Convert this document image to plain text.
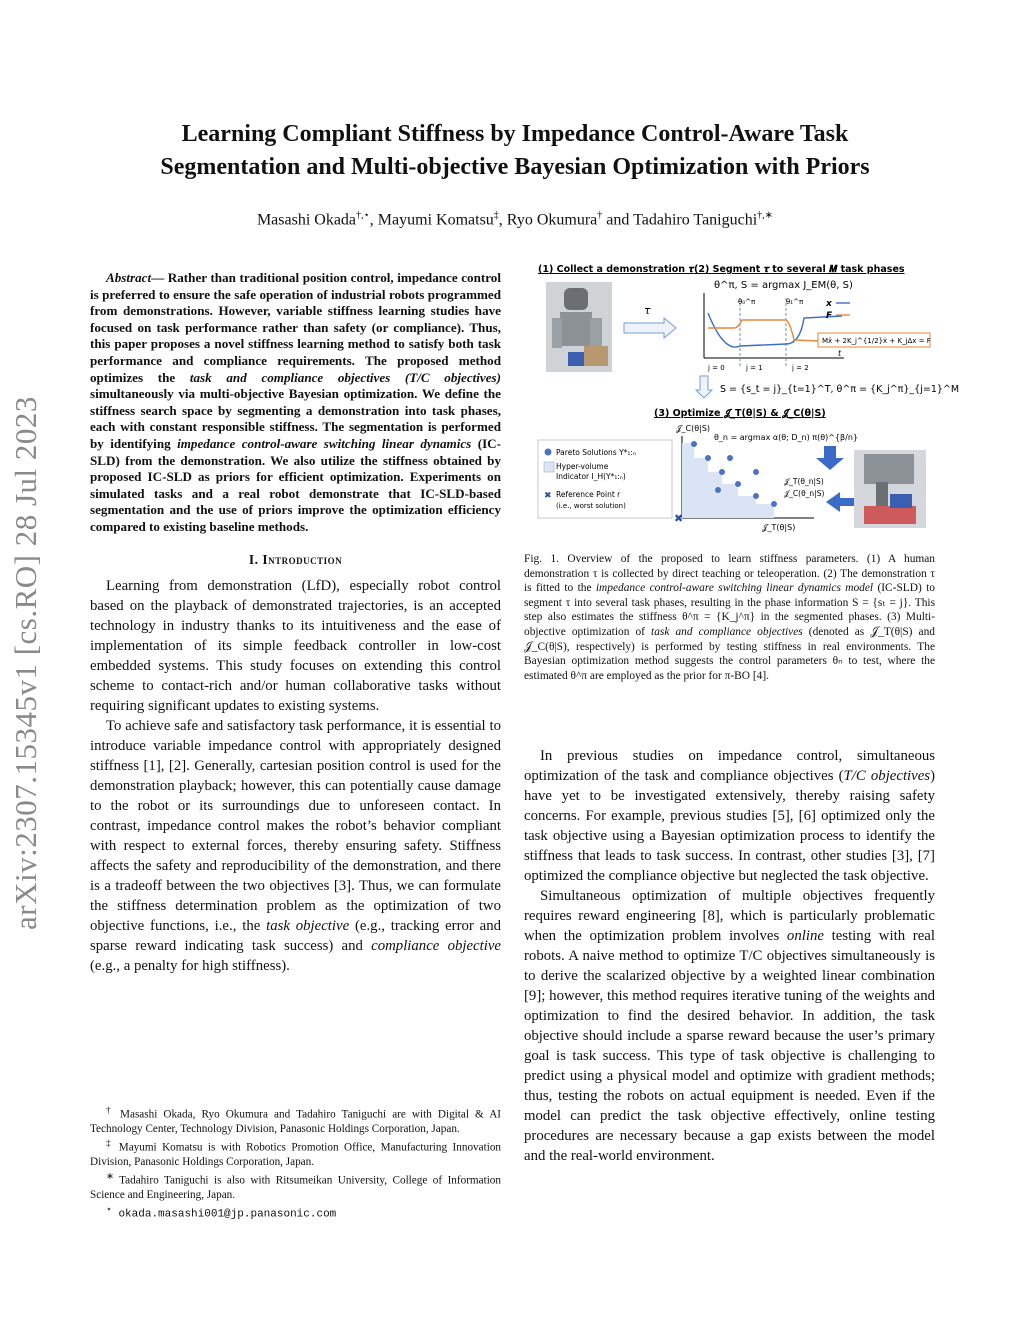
arXiv:2307.15345v1 [cs.RO] 28 Jul 2023
Learning Compliant Stiffness by Impedance Control-Aware Task
Segmentation and Multi-objective Bayesian Optimization with Priors
Masashi Okada†,⋆, Mayumi Komatsu‡, Ryo Okumura† and Tadahiro Taniguchi†,∗

Abstract— Rather than traditional position control, impedance control is preferred to ensure the safe operation of industrial robots programmed from demonstrations. However, variable stiffness learning studies have focused on task performance rather than safety (or compliance). Thus, this paper proposes a novel stiffness learning method to satisfy both task performance and compliance requirements. The proposed method optimizes the task and compliance objectives (T/C objectives) simultaneously via multi-objective Bayesian optimization. We define the stiffness search space by segmenting a demonstration into task phases, each with constant responsible stiffness. The segmentation is performed by identifying impedance control-aware switching linear dynamics (IC-SLD) from the demonstration. We also utilize the stiffness obtained by proposed IC-SLD as priors for efficient optimization. Experiments on simulated tasks and a real robot demonstrate that IC-SLD-based segmentation and the use of priors improve the optimization efficiency compared to existing baseline methods.

I. Introduction

Learning from demonstration (LfD), especially robot control based on the playback of demonstrated trajectories, is an accepted technology in industry thanks to its intuitiveness and the ease of implementation of its simple feedback controller in low-cost embedded systems. This study focuses on extending this control scheme to contact-rich and/or human collaborative tasks without requiring significant updates to existing systems.

To achieve safe and satisfactory task performance, it is essential to introduce variable impedance control with appropriately designed stiffness [1], [2]. Generally, cartesian position control is used for the demonstration playback; however, this can potentially cause damage to the robot or its surroundings due to unforeseen contact. In contrast, impedance control makes the robot’s behavior compliant with respect to external forces, thereby ensuring safety. Stiffness affects the safety and reproducibility of the demonstration, and there is a tradeoff between the two objectives [3]. Thus, we can formulate the stiffness determination problem as the optimization of two objective functions, i.e., the task objective (e.g., tracking error and sparse reward indicating task success) and compliance objective (e.g., a penalty for high stiffness).

† Masashi Okada, Ryo Okumura and Tadahiro Taniguchi are with Digital & AI Technology Center, Technology Division, Panasonic Holdings Corporation, Japan.

‡ Mayumi Komatsu is with Robotics Promotion Office, Manufacturing Innovation Division, Panasonic Holdings Corporation, Japan.

∗ Tadahiro Taniguchi is also with Ritsumeikan University, College of Information Science and Engineering, Japan.

⋆ okada.masashi001@jp.panasonic.com

(1) Collect a demonstration 𝝉 (2) Segment 𝝉 to several 𝑴 task phases
τ
θ^π, S = argmax J_EM(θ, S)
t
θ₀^π	θ₁^π	x
F
Mẍ + 2K_j^{1/2}ẋ + K_jΔx = F
j = 0	j = 1	j = 2
S = {s_t = j}_{t=1}^T, θ^π = {K_j^π}_{j=1}^M
(3) Optimize 𝓙_T(θ|S) & 𝓙_C(θ|S)
θ_n = argmax α(θ; D_n) π(θ)^{β/n}
Pareto Solutions Y*₁:ₙ
Hyper-volume
Indicator I_H(Y*₁:ₙ)
✖ Reference Point r
(i.e., worst solution)
𝒥_C(θ|S)
✖
𝒥_T(θ|S)
𝒥_T(θ_n|S)
𝒥_C(θ_n|S)

Fig. 1. Overview of the proposed to learn stiffness parameters. (1) A human demonstration τ is collected by direct teaching or teleoperation. (2) The demonstration τ is fitted to the impedance control-aware switching linear dynamics model (IC-SLD) to segment τ into several task phases, resulting in the phase information S = {sₜ = j}. This step also estimates the stiffness θ^π = {K_j^π} in the segmented phases. (3) Multi-objective optimization of task and compliance objectives (denoted as 𝒥_T(θ|S) and 𝒥_C(θ|S), respectively) is performed by testing stiffness in real environments. The Bayesian optimization method suggests the control parameters θₙ to test, where the estimated θ^π are employed as the prior for π-BO [4].

In previous studies on impedance control, simultaneous optimization of the task and compliance objectives (T/C objectives) have yet to be investigated extensively, thereby raising safety concerns. For example, previous studies [5], [6] optimized only the task objective using a Bayesian optimization process to identify the stiffness that leads to task success. In contrast, other studies [3], [7] optimized the compliance objective but neglected the task objective.

Simultaneous optimization of multiple objectives frequently requires reward engineering [8], which is particularly problematic when the optimization problem involves online testing with real robots. A naive method to optimize T/C objectives simultaneously is to derive the scalarized objective by a weighted linear combination [9]; however, this method requires iterative tuning of the weights and optimization to find the desired behavior. In addition, the task objective should include a sparse reward because the user’s primary goal is task success. This type of task objective is challenging to predict using a physical model and optimize with gradient methods; thus, testing the robots on actual equipment is needed. Even if the model can predict the task objective effectively, online testing procedures are necessary because a gap exists between the model and the real-world environment.
